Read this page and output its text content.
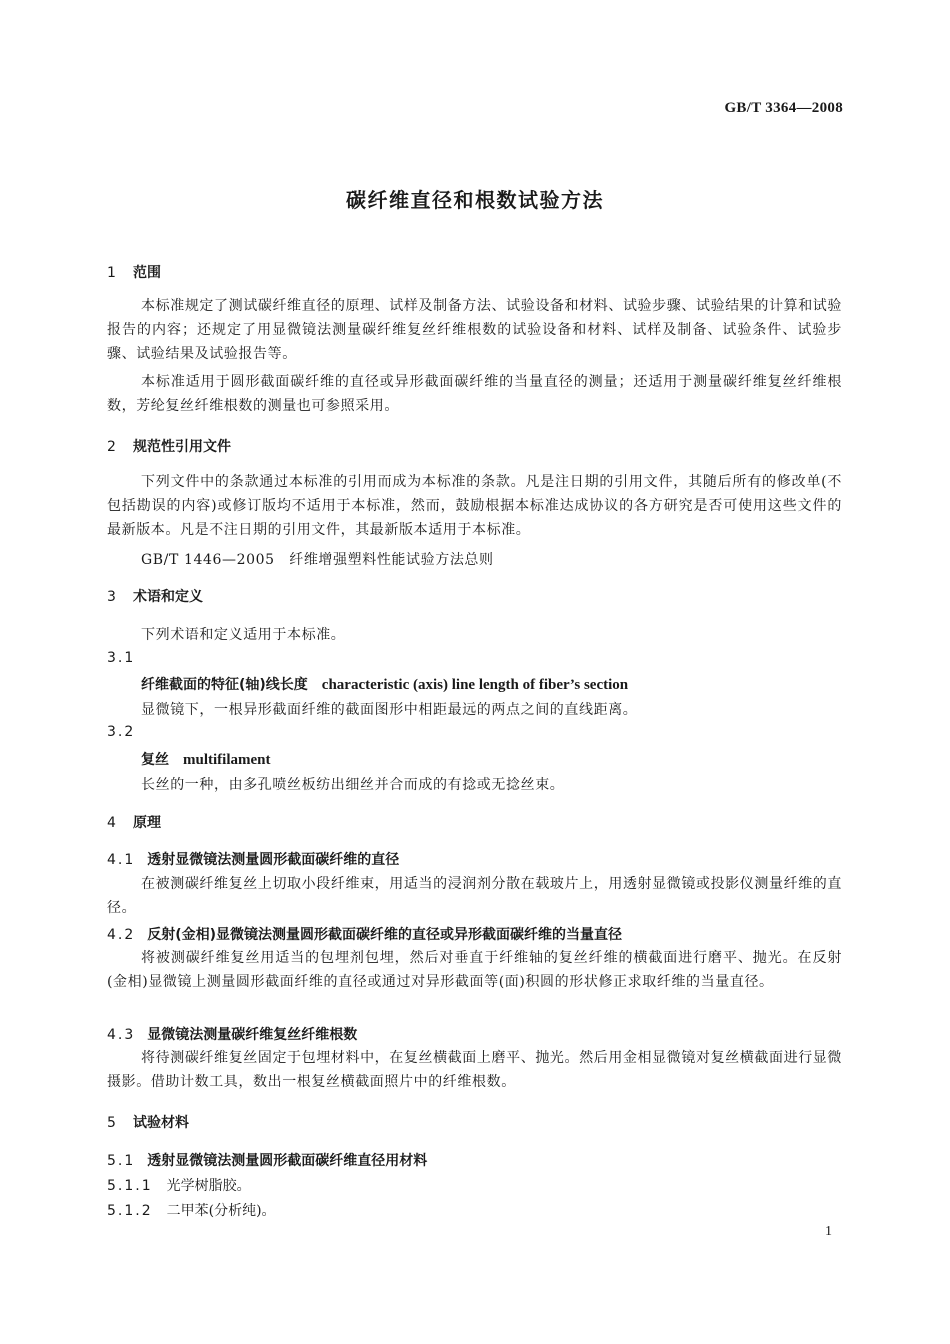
GB/T 3364—2008
碳纤维直径和根数试验方法
1 范围
本标准规定了测试碳纤维直径的原理、试样及制备方法、试验设备和材料、试验步骤、试验结果的计算和试验报告的内容；还规定了用显微镜法测量碳纤维复丝纤维根数的试验设备和材料、试样及制备、试验条件、试验步骤、试验结果及试验报告等。
本标准适用于圆形截面碳纤维的直径或异形截面碳纤维的当量直径的测量；还适用于测量碳纤维复丝纤维根数，芳纶复丝纤维根数的测量也可参照采用。
2 规范性引用文件
下列文件中的条款通过本标准的引用而成为本标准的条款。凡是注日期的引用文件，其随后所有的修改单(不包括勘误的内容)或修订版均不适用于本标准，然而，鼓励根据本标准达成协议的各方研究是否可使用这些文件的最新版本。凡是不注日期的引用文件，其最新版本适用于本标准。
GB/T 1446—2005　纤维增强塑料性能试验方法总则
3 术语和定义
下列术语和定义适用于本标准。
3.1
纤维截面的特征(轴)线长度 characteristic (axis) line length of fiber’s section
显微镜下，一根异形截面纤维的截面图形中相距最远的两点之间的直线距离。
3.2
复丝 multifilament
长丝的一种，由多孔喷丝板纺出细丝并合而成的有捻或无捻丝束。
4 原理
4.1 透射显微镜法测量圆形截面碳纤维的直径
在被测碳纤维复丝上切取小段纤维束，用适当的浸润剂分散在载玻片上，用透射显微镜或投影仪测量纤维的直径。
4.2 反射(金相)显微镜法测量圆形截面碳纤维的直径或异形截面碳纤维的当量直径
将被测碳纤维复丝用适当的包埋剂包埋，然后对垂直于纤维轴的复丝纤维的横截面进行磨平、抛光。在反射(金相)显微镜上测量圆形截面纤维的直径或通过对异形截面等(面)积圆的形状修正求取纤维的当量直径。
4.3 显微镜法测量碳纤维复丝纤维根数
将待测碳纤维复丝固定于包埋材料中，在复丝横截面上磨平、抛光。然后用金相显微镜对复丝横截面进行显微摄影。借助计数工具，数出一根复丝横截面照片中的纤维根数。
5 试验材料
5.1 透射显微镜法测量圆形截面碳纤维直径用材料
5.1.1 光学树脂胶。
5.1.2 二甲苯(分析纯)。
1
